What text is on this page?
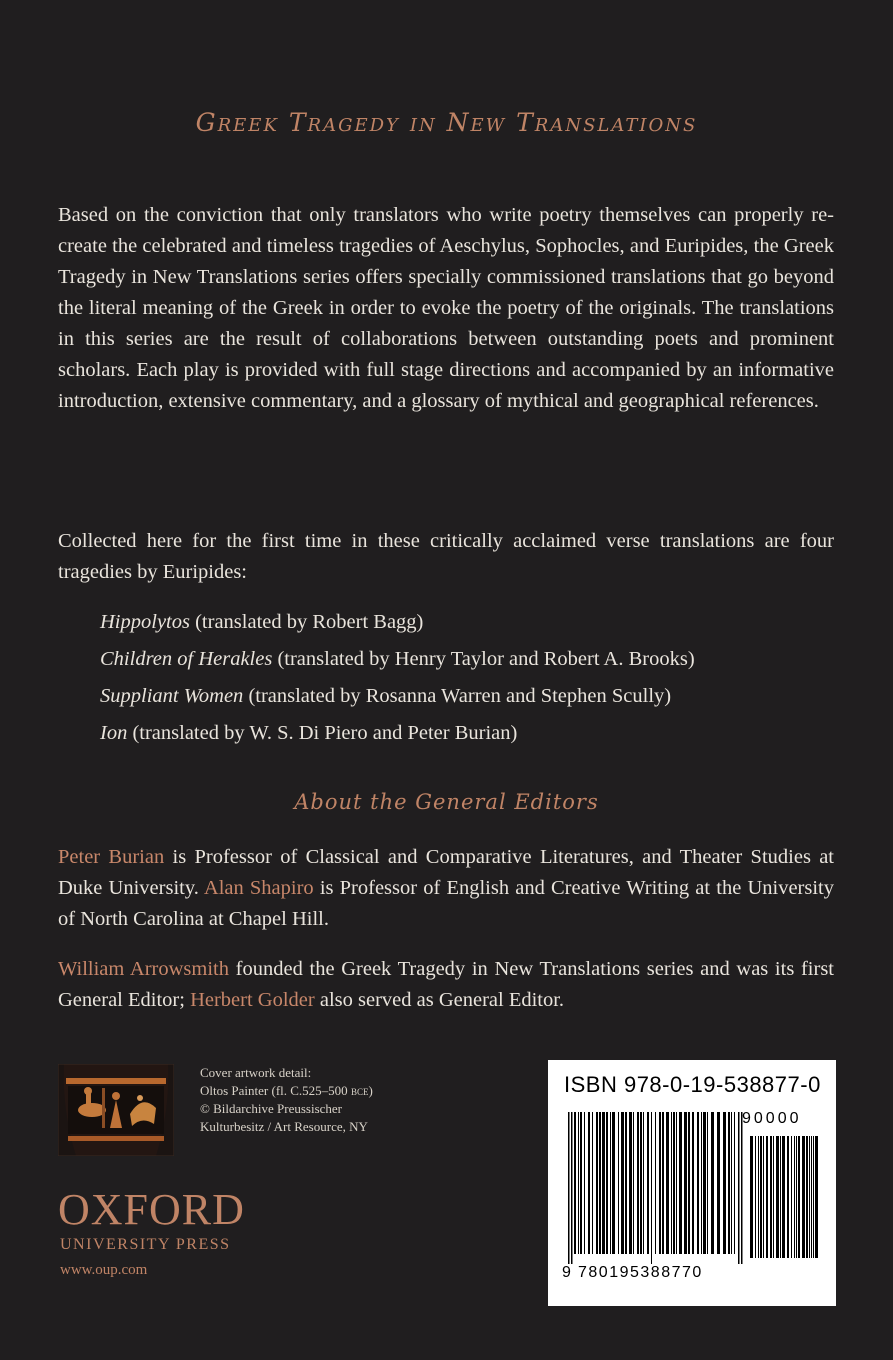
Greek Tragedy in New Translations

Based on the conviction that only translators who write poetry themselves can properly re-create the celebrated and timeless tragedies of Aeschylus, Sophocles, and Euripides, the Greek Tragedy in New Translations series offers specially commissioned translations that go beyond the literal meaning of the Greek in order to evoke the poetry of the originals. The translations in this series are the result of collaborations between outstanding poets and prominent scholars. Each play is provided with full stage directions and accompanied by an informative introduction, extensive commentary, and a glossary of mythical and geographical references.

Collected here for the first time in these critically acclaimed verse translations are four tragedies by Euripides:

Hippolytos (translated by Robert Bagg)
Children of Herakles (translated by Henry Taylor and Robert A. Brooks)
Suppliant Women (translated by Rosanna Warren and Stephen Scully)
Ion (translated by W. S. Di Piero and Peter Burian)
About the General Editors

Peter Burian is Professor of Classical and Comparative Literatures, and Theater Studies at Duke University. Alan Shapiro is Professor of English and Creative Writing at the University of North Carolina at Chapel Hill.

William Arrowsmith founded the Greek Tragedy in New Translations series and was its first General Editor; Herbert Golder also served as General Editor.

Cover artwork detail:
Oltos Painter (fl. C.525–500 bce)
© Bildarchive Preussischer
Kulturbesitz / Art Resource, NY
OXFORD
UNIVERSITY PRESS
www.oup.com
ISBN 978-0-19-538877-0
90000
9 780195388770
